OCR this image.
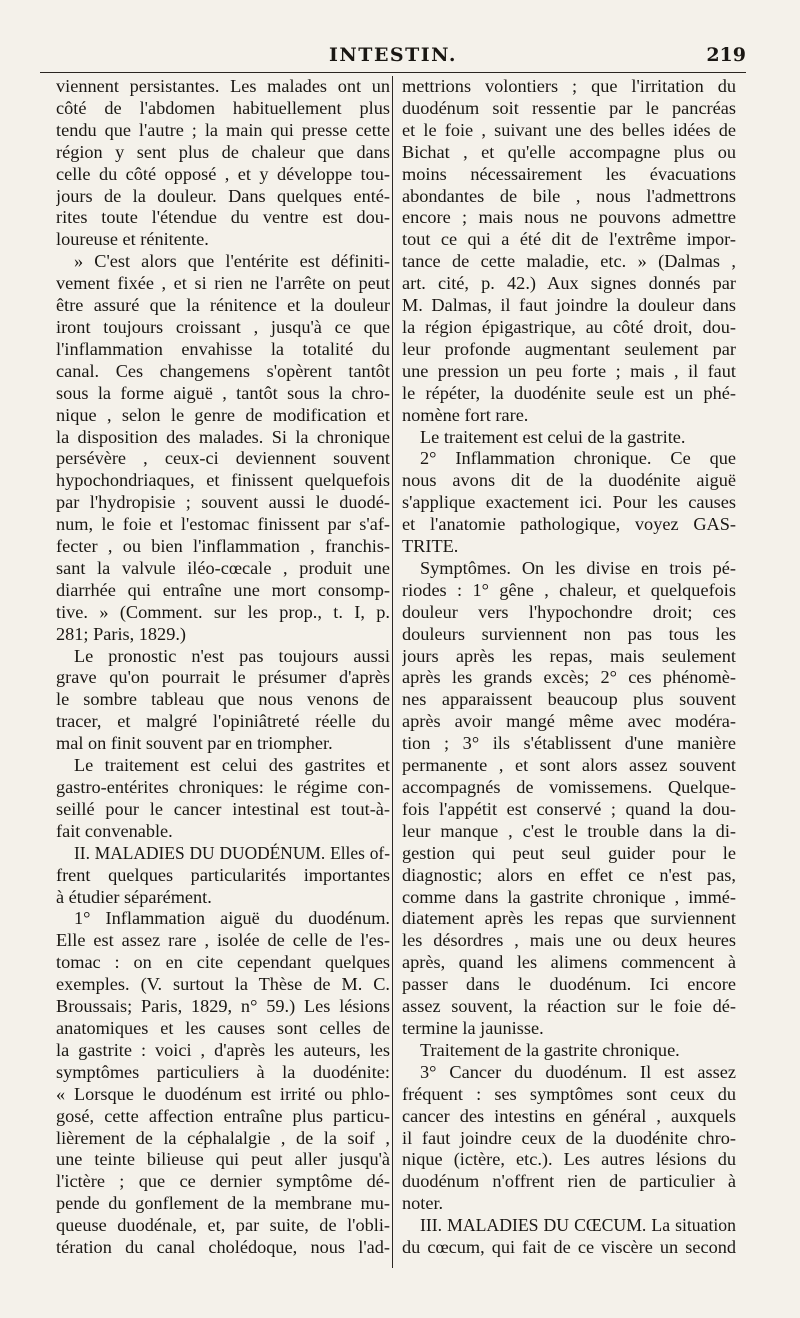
INTESTIN.	219
viennent persistantes. Les malades ont un
côté de l'abdomen habituellement plus
tendu que l'autre ; la main qui presse cette
région y sent plus de chaleur que dans
celle du côté opposé , et y développe tou-
jours de la douleur. Dans quelques enté-
rites toute l'étendue du ventre est dou-
loureuse et rénitente.
» C'est alors que l'entérite est définiti-
vement fixée , et si rien ne l'arrête on peut
être assuré que la rénitence et la douleur
iront toujours croissant , jusqu'à ce que
l'inflammation envahisse la totalité du
canal. Ces changemens s'opèrent tantôt
sous la forme aiguë , tantôt sous la chro-
nique , selon le genre de modification et
la disposition des malades. Si la chronique
persévère , ceux-ci deviennent souvent
hypochondriaques, et finissent quelquefois
par l'hydropisie ; souvent aussi le duodé-
num, le foie et l'estomac finissent par s'af-
fecter , ou bien l'inflammation , franchis-
sant la valvule iléo-cœcale , produit une
diarrhée qui entraîne une mort consomp-
tive. » (Comment. sur les prop., t. I, p.
281; Paris, 1829.)
Le pronostic n'est pas toujours aussi
grave qu'on pourrait le présumer d'après
le sombre tableau que nous venons de
tracer, et malgré l'opiniâtreté réelle du
mal on finit souvent par en triompher.
Le traitement est celui des gastrites et
gastro-entérites chroniques: le régime con-
seillé pour le cancer intestinal est tout-à-
fait convenable.
II. MALADIES DU DUODÉNUM. Elles of-
frent quelques particularités importantes
à étudier séparément.
1° Inflammation aiguë du duodénum.
Elle est assez rare , isolée de celle de l'es-
tomac : on en cite cependant quelques
exemples. (V. surtout la Thèse de M. C.
Broussais; Paris, 1829, n° 59.) Les lésions
anatomiques et les causes sont celles de
la gastrite : voici , d'après les auteurs, les
symptômes particuliers à la duodénite:
« Lorsque le duodénum est irrité ou phlo-
gosé, cette affection entraîne plus particu-
lièrement de la céphalalgie , de la soif ,
une teinte bilieuse qui peut aller jusqu'à
l'ictère ; que ce dernier symptôme dé-
pende du gonflement de la membrane mu-
queuse duodénale, et, par suite, de l'obli-
tération du canal cholédoque, nous l'ad-
mettrions volontiers ; que l'irritation du
duodénum soit ressentie par le pancréas
et le foie , suivant une des belles idées de
Bichat , et qu'elle accompagne plus ou
moins nécessairement les évacuations
abondantes de bile , nous l'admettrons
encore ; mais nous ne pouvons admettre
tout ce qui a été dit de l'extrême impor-
tance de cette maladie, etc. » (Dalmas ,
art. cité, p. 42.) Aux signes donnés par
M. Dalmas, il faut joindre la douleur dans
la région épigastrique, au côté droit, dou-
leur profonde augmentant seulement par
une pression un peu forte ; mais , il faut
le répéter, la duodénite seule est un phé-
nomène fort rare.
Le traitement est celui de la gastrite.
2° Inflammation chronique. Ce que
nous avons dit de la duodénite aiguë
s'applique exactement ici. Pour les causes
et l'anatomie pathologique, voyez GAS-
TRITE.
Symptômes. On les divise en trois pé-
riodes : 1° gêne , chaleur, et quelquefois
douleur vers l'hypochondre droit; ces
douleurs surviennent non pas tous les
jours après les repas, mais seulement
après les grands excès; 2° ces phénomè-
nes apparaissent beaucoup plus souvent
après avoir mangé même avec modéra-
tion ; 3° ils s'établissent d'une manière
permanente , et sont alors assez souvent
accompagnés de vomissemens. Quelque-
fois l'appétit est conservé ; quand la dou-
leur manque , c'est le trouble dans la di-
gestion qui peut seul guider pour le
diagnostic; alors en effet ce n'est pas,
comme dans la gastrite chronique , immé-
diatement après les repas que surviennent
les désordres , mais une ou deux heures
après, quand les alimens commencent à
passer dans le duodénum. Ici encore
assez souvent, la réaction sur le foie dé-
termine la jaunisse.
Traitement de la gastrite chronique.
3° Cancer du duodénum. Il est assez
fréquent : ses symptômes sont ceux du
cancer des intestins en général , auxquels
il faut joindre ceux de la duodénite chro-
nique (ictère, etc.). Les autres lésions du
duodénum n'offrent rien de particulier à
noter.
III. MALADIES DU CŒCUM. La situation
du cœcum, qui fait de ce viscère un second
